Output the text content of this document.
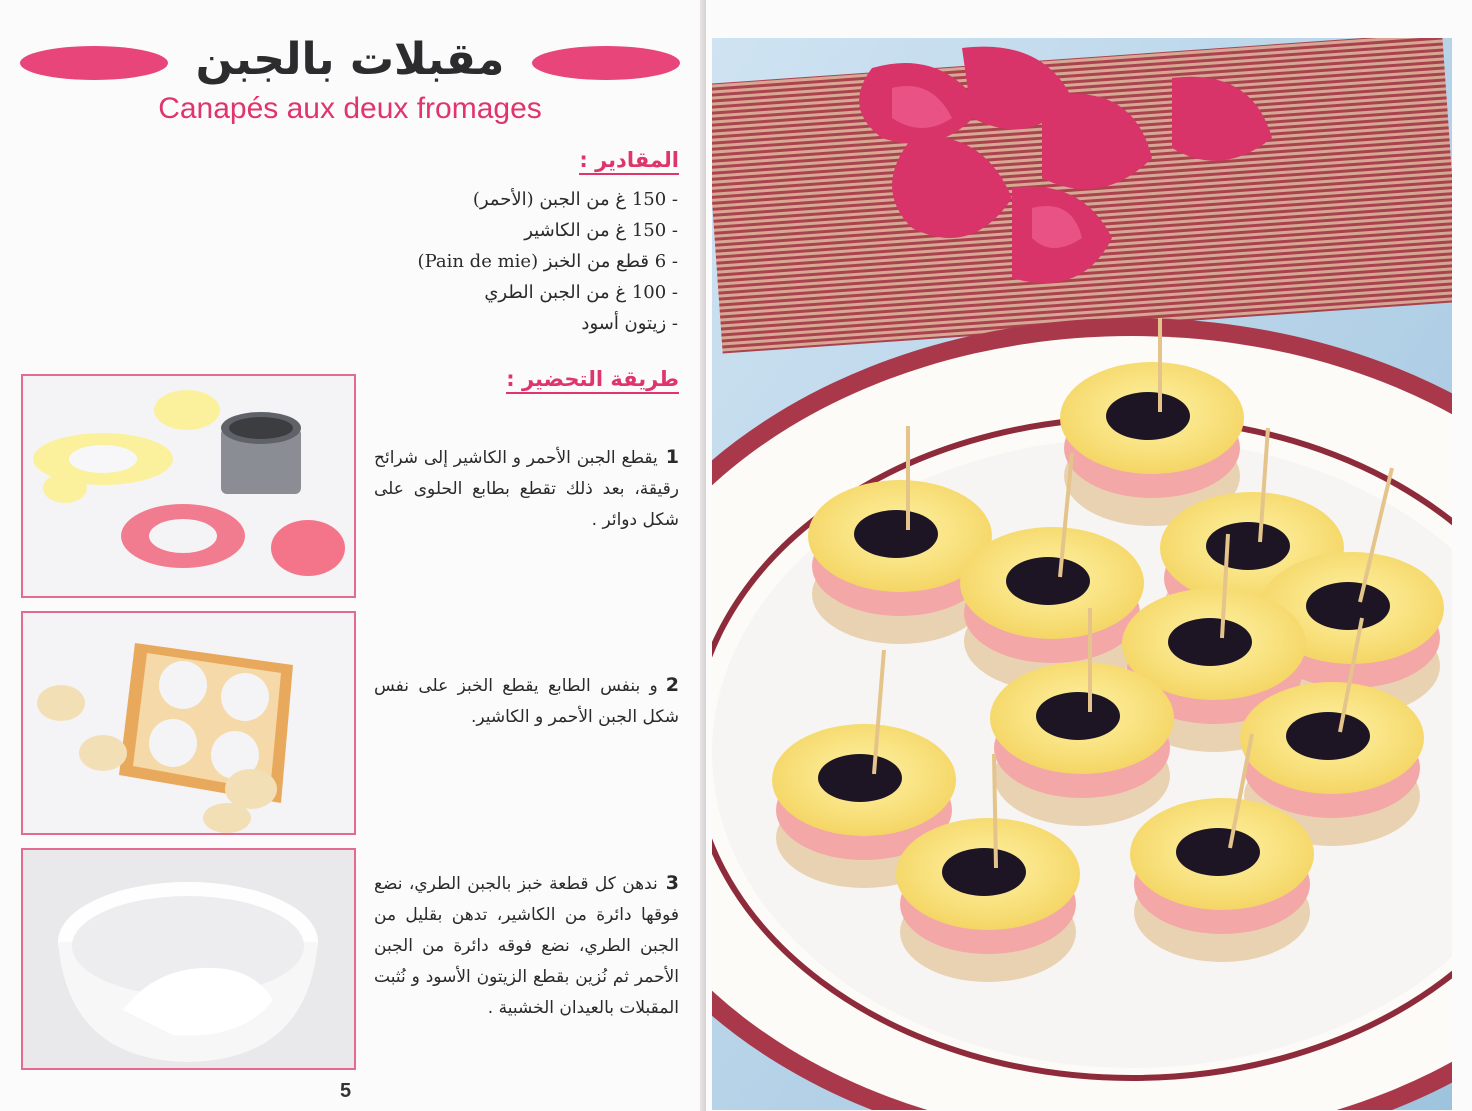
مقبلات بالجبن
Canapés aux deux fromages
المقادير :
- 150 غ من الجبن (الأحمر)
- 150 غ من الكاشير
- 6 قطع من الخبز (Pain de mie)
- 100 غ من الجبن الطري
- زيتون أسود
طريقة التحضير :
1يقطع الجبن الأحمر و الكاشير إلى شرائح رقيقة، بعد ذلك تقطع بطابع الحلوى على شكل دوائر .
2و بنفس الطابع يقطع الخبز على نفس شكل الجبن الأحمر و الكاشير.
3ندهن كل قطعة خبز بالجبن الطري، نضع فوقها دائرة من الكاشير، تدهن بقليل من الجبن الطري، نضع فوقه دائرة من الجبن الأحمر ثم نُزين بقطع الزيتون الأسود و نُثبت المقبلات بالعيدان الخشبية .
5
